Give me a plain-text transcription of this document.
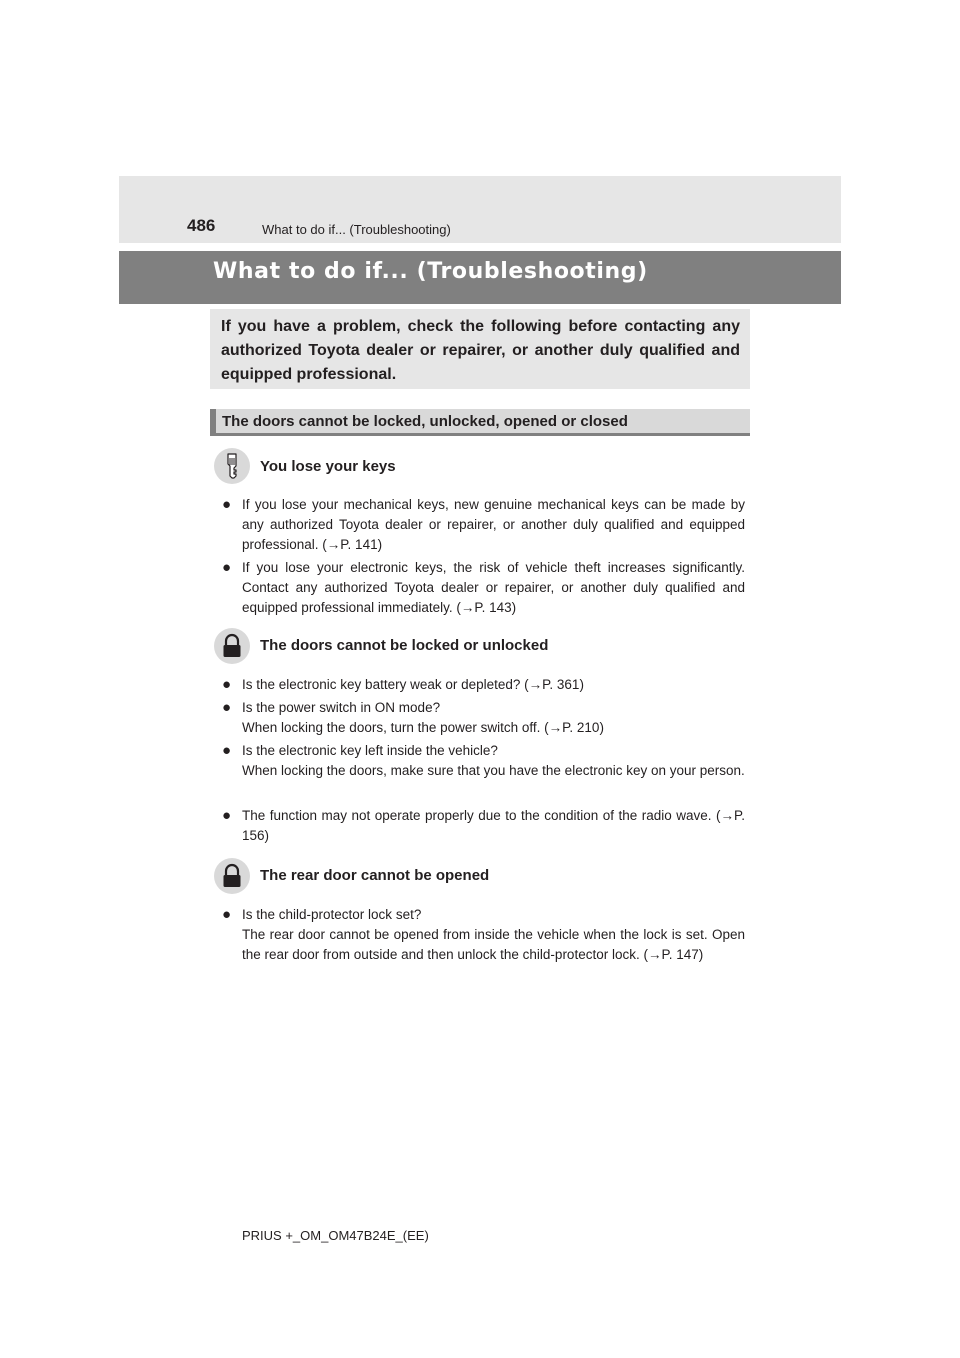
486	What to do if... (Troubleshooting)
What to do if... (Troubleshooting)
If you have a problem, check the following before contacting any authorized Toyota dealer or repairer, or another duly qualified and equipped professional.
The doors cannot be locked, unlocked, opened or closed
You lose your keys
● If you lose your mechanical keys, new genuine mechanical keys can be made by any authorized Toyota dealer or repairer, or another duly qualified and equipped professional. (→P. 141)
● If you lose your electronic keys, the risk of vehicle theft increases significantly. Contact any authorized Toyota dealer or repairer, or another duly qualified and equipped professional immediately. (→P. 143)
The doors cannot be locked or unlocked
● Is the electronic key battery weak or depleted? (→P. 361)
● Is the power switch in ON mode?
When locking the doors, turn the power switch off. (→P. 210)
● Is the electronic key left inside the vehicle?
When locking the doors, make sure that you have the electronic key on your person.
● The function may not operate properly due to the condition of the radio wave. (→P. 156)
The rear door cannot be opened
● Is the child-protector lock set?
The rear door cannot be opened from inside the vehicle when the lock is set. Open the rear door from outside and then unlock the child-protector lock. (→P. 147)
PRIUS +_OM_OM47B24E_(EE)
